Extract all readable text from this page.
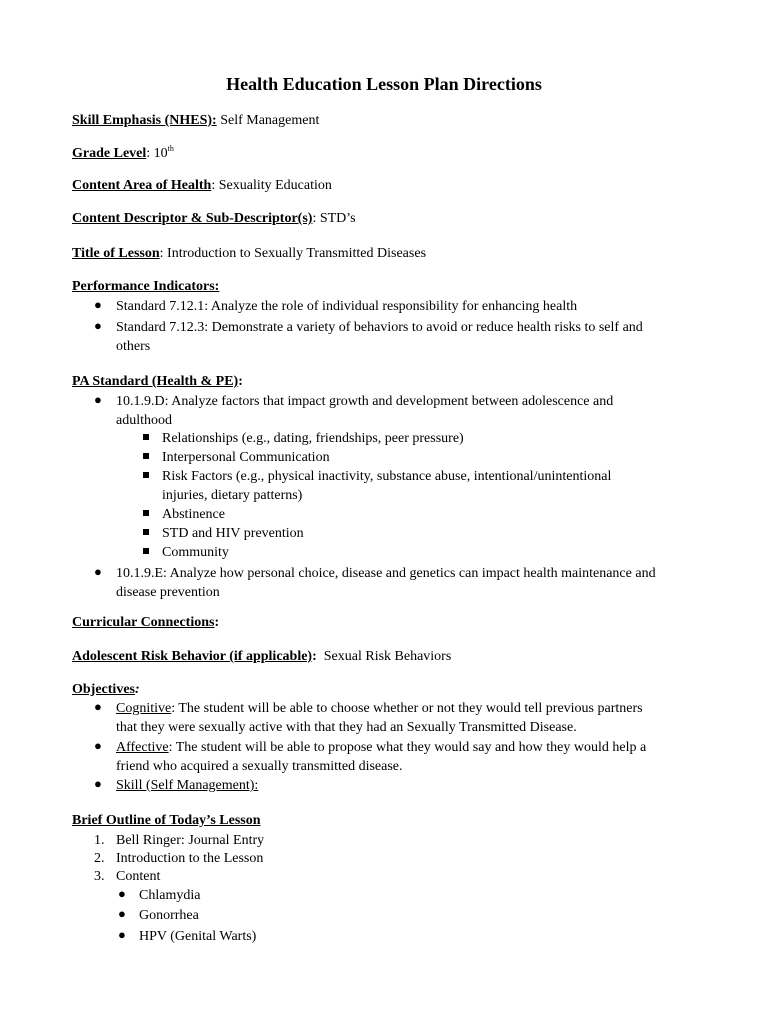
Health Education Lesson Plan Directions
Skill Emphasis (NHES): Self Management
Grade Level: 10th
Content Area of Health: Sexuality Education
Content Descriptor & Sub-Descriptor(s): STD’s
Title of Lesson: Introduction to Sexually Transmitted Diseases
Performance Indicators:
● Standard 7.12.1: Analyze the role of individual responsibility for enhancing health
● Standard 7.12.3: Demonstrate a variety of behaviors to avoid or reduce health risks to self and
others
PA Standard (Health & PE):
● 10.1.9.D: Analyze factors that impact growth and development between adolescence and
adulthood
Relationships (e.g., dating, friendships, peer pressure)
Interpersonal Communication
Risk Factors (e.g., physical inactivity, substance abuse, intentional/unintentional
injuries, dietary patterns)
Abstinence
STD and HIV prevention
Community
● 10.1.9.E: Analyze how personal choice, disease and genetics can impact health maintenance and
disease prevention
Curricular Connections:
Adolescent Risk Behavior (if applicable): Sexual Risk Behaviors
Objectives:
● Cognitive: The student will be able to choose whether or not they would tell previous partners
that they were sexually active with that they had an Sexually Transmitted Disease.
● Affective: The student will be able to propose what they would say and how they would help a
friend who acquired a sexually transmitted disease.
● Skill (Self Management):
Brief Outline of Today’s Lesson
1. Bell Ringer: Journal Entry
2. Introduction to the Lesson
3. Content
● Chlamydia
● Gonorrhea
● HPV (Genital Warts)
